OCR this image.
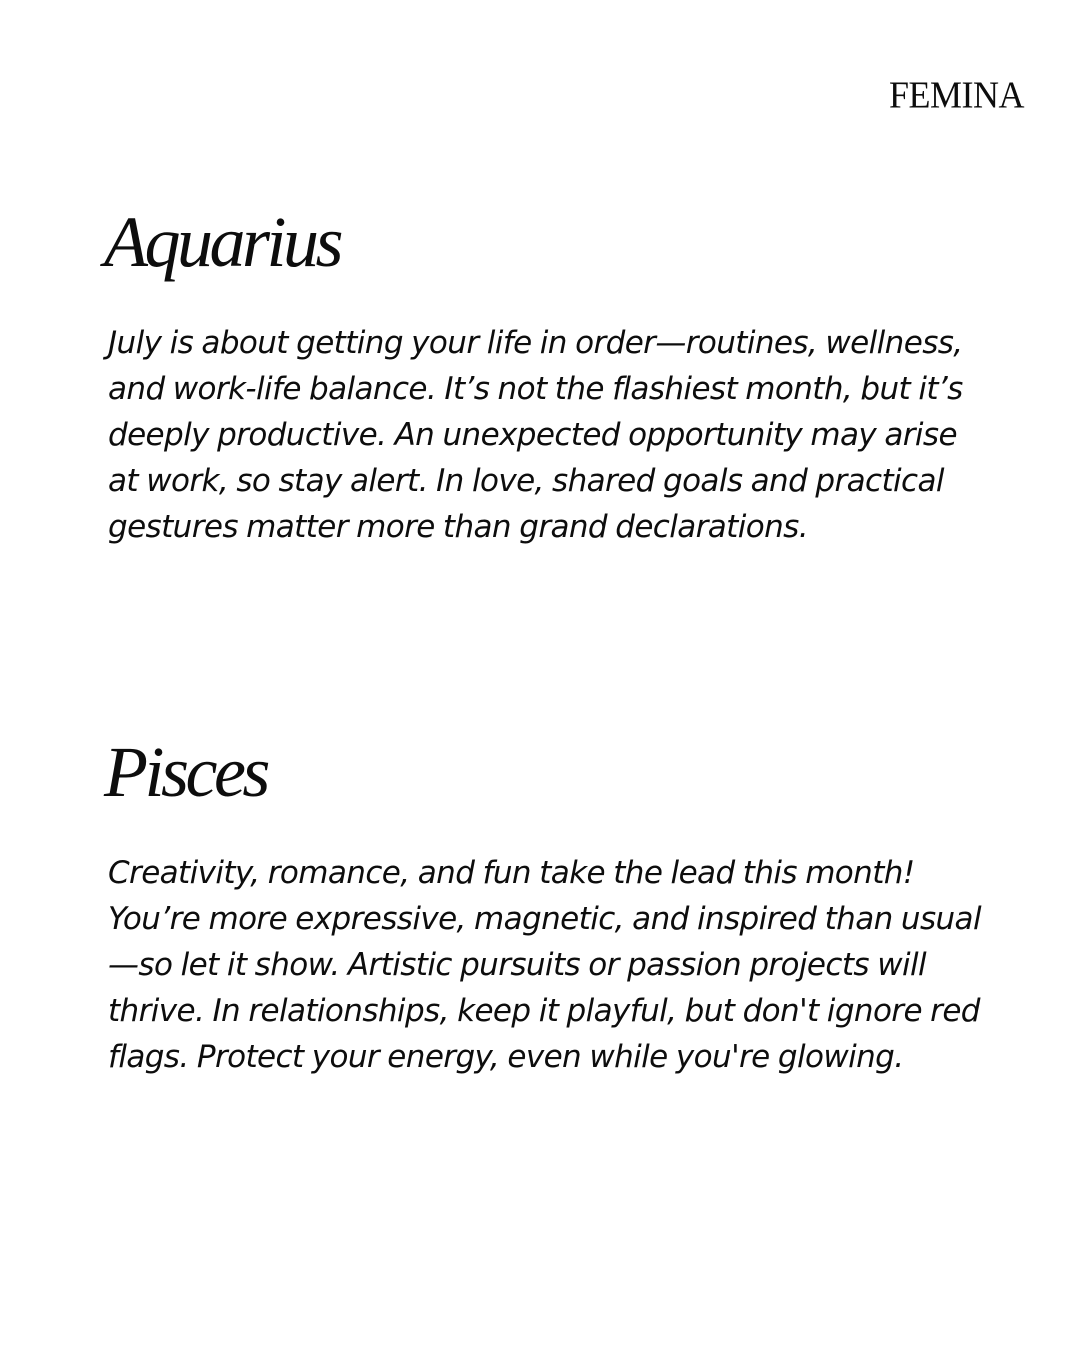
FEMINA
Aquarius

July is about getting your life in order—routines, wellness, and work-life balance. It’s not the flashiest month, but it’s deeply productive. An unexpected opportunity may arise at work, so stay alert. In love, shared goals and practical gestures matter more than grand declarations.

Pisces

Creativity, romance, and fun take the lead this month! You’re more expressive, magnetic, and inspired than usual—so let it show. Artistic pursuits or passion projects will thrive. In relationships, keep it playful, but don't ignore red flags. Protect your energy, even while you're glowing.
